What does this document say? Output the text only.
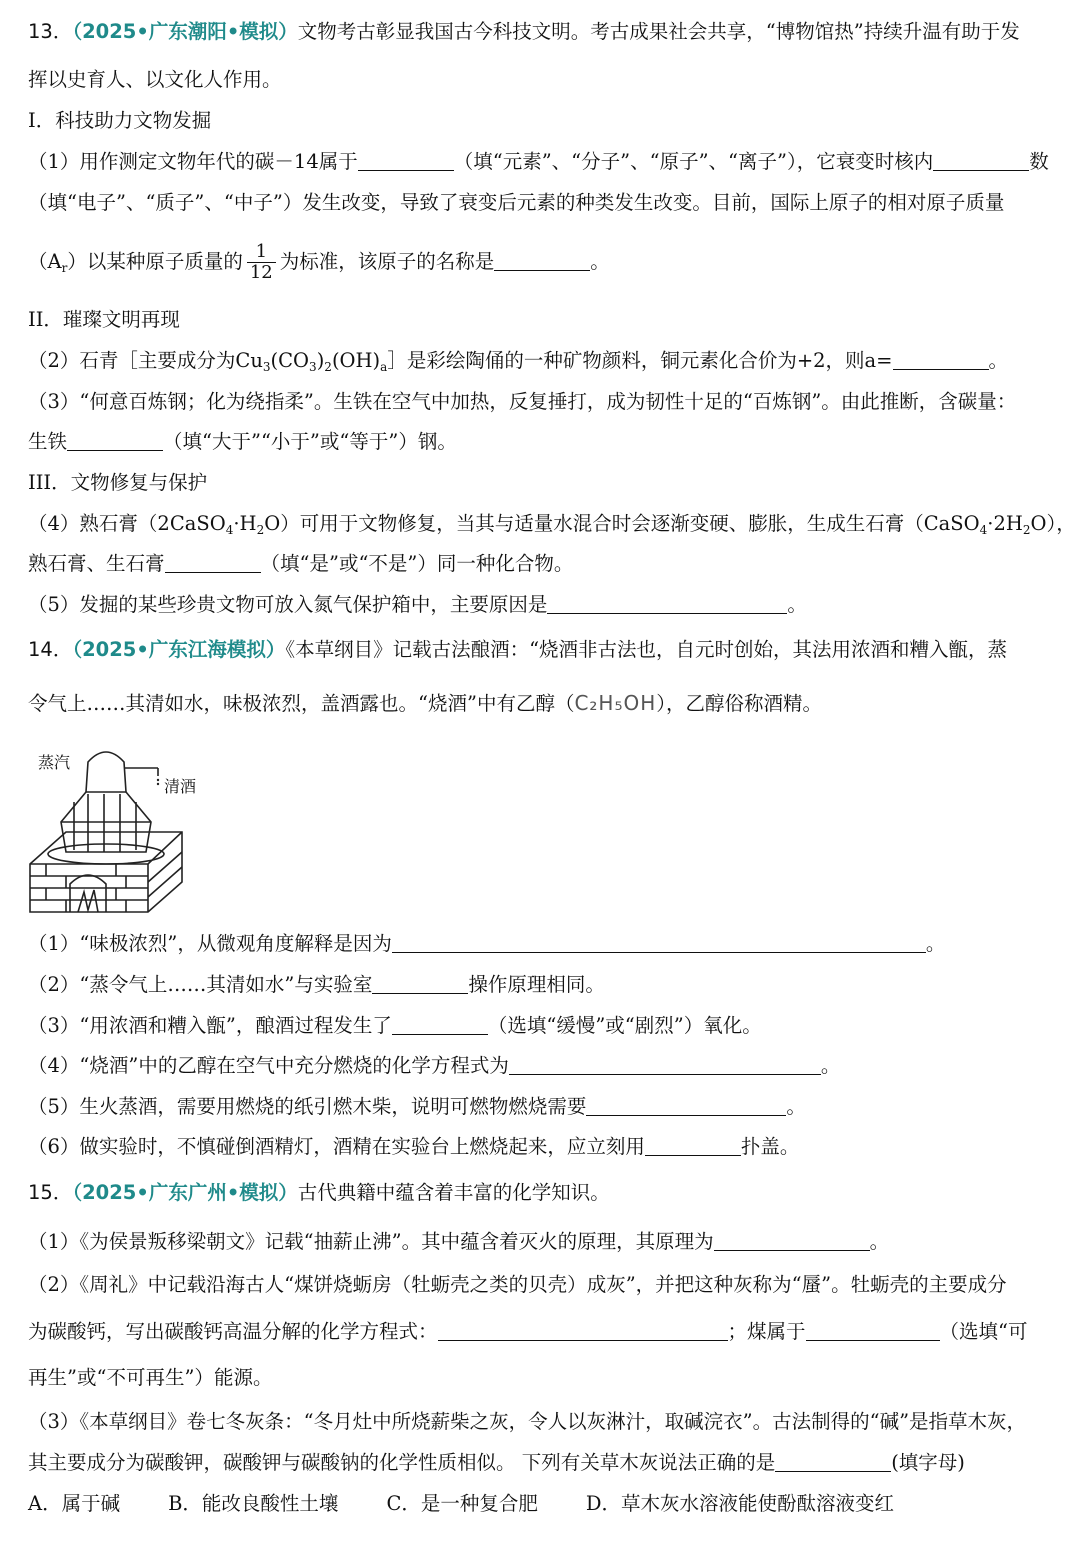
13．（2025•广东潮阳•模拟）文物考古彰显我国古今科技文明。考古成果社会共享，“博物馆热”持续升温有助于发
挥以史育人、以文化人作用。
I．科技助力文物发掘
（1）用作测定文物年代的碳－14属于	（填“元素”、“分子”、“原子”、“离子”），它衰变时核内	数
（填“电子”、“质子”、“中子”）发生改变，导致了衰变后元素的种类发生改变。目前，国际上原子的相对原子质量
$(A_r)$以某种原子质量的 $\frac{1}{12}$ 为标准，该原子的名称是	。
II．璀璨文明再现
（2）石青［主要成分为$Cu_3(CO_3)_2(OH)_a]$是彩绘陶俑的一种矿物颜料，铜元素化合价为+2，则a=	。
（3）“何意百炼钢；化为绕指柔”。生铁在空气中加热，反复捶打，成为韧性十足的“百炼钢”。由此推断，含碳量：
生铁	（填“大于”“小于”或“等于”）钢。
III．文物修复与保护
（4）熟石膏$(2CaSO_4\cdot H_2O)$可用于文物修复，当其与适量水混合时会逐渐变硬、膨胀，生成生石膏$(CaSO_4\cdot 2H_2O)$，
熟石膏、生石膏	（填“是”或“不是”）同一种化合物。
（5）发掘的某些珍贵文物可放入氮气保护箱中，主要原因是	。
14．（2025•广东江海模拟）《本草纲目》记载古法酿酒：“烧酒非古法也，自元时创始，其法用浓酒和糟入甑，蒸
令气上……其清如水，味极浓烈，盖酒露也。“烧酒”中有乙醇（C₂H₅OH），乙醇俗称酒精。
蒸汽
清酒
（1）“味极浓烈”，从微观角度解释是因为	。
（2）“蒸令气上……其清如水”与实验室	操作原理相同。
（3）“用浓酒和糟入甑”，酿酒过程发生了	（选填“缓慢”或“剧烈”）氧化。
（4）“烧酒”中的乙醇在空气中充分燃烧的化学方程式为	。
（5）生火蒸酒，需要用燃烧的纸引燃木柴，说明可燃物燃烧需要	。
（6）做实验时，不慎碰倒酒精灯，酒精在实验台上燃烧起来，应立刻用	扑盖。
15．（2025•广东广州•模拟）古代典籍中蕴含着丰富的化学知识。
（1）《为侯景叛移梁朝文》记载“抽薪止沸”。其中蕴含着灭火的原理，其原理为	。
（2）《周礼》中记载沿海古人“煤饼烧蛎房（牡蛎壳之类的贝壳）成灰”，并把这种灰称为“蜃”。牡蛎壳的主要成分
为碳酸钙，写出碳酸钙高温分解的化学方程式：	；煤属于	（选填“可
再生”或“不可再生”）能源。
（3）《本草纲目》卷七冬灰条：“冬月灶中所烧薪柴之灰，令人以灰淋汁，取碱浣衣”。古法制得的“碱”是指草木灰，
其主要成分为碳酸钾，碳酸钾与碳酸钠的化学性质相似。 下列有关草木灰说法正确的是	(填字母)
A．属于碱 B．能改良酸性土壤 C．是一种复合肥 D．草木灰水溶液能使酚酞溶液变红
